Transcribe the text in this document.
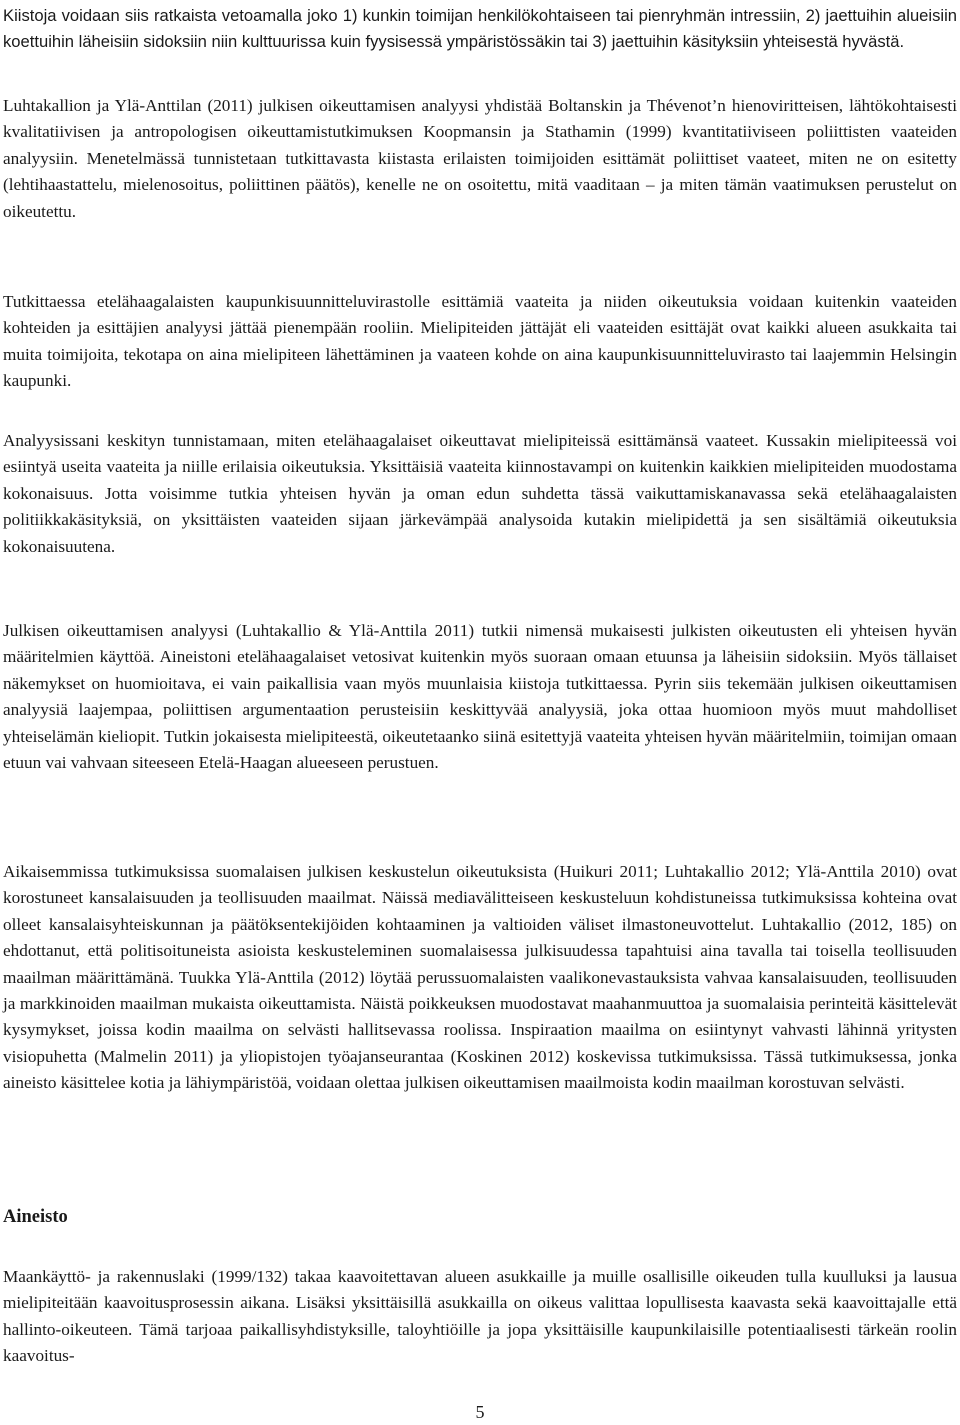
Kiistoja voidaan siis ratkaista vetoamalla joko 1) kunkin toimijan henkilökohtaiseen tai pienryhmän intressiin, 2) jaettuihin alueisiin koettuihin läheisiin sidoksiin niin kulttuurissa kuin fyysisessä ympäristössäkin tai 3) jaettuihin käsityksiin yhteisestä hyvästä.

Luhtakallion ja Ylä-Anttilan (2011) julkisen oikeuttamisen analyysi yhdistää Boltanskin ja Thévenot’n hienoviritteisen, lähtökohtaisesti kvalitatiivisen ja antropologisen oikeuttamistutkimuksen Koopmansin ja Stathamin (1999) kvantitatiiviseen poliittisten vaateiden analyysiin. Menetelmässä tunnistetaan tutkittavasta kiistasta erilaisten toimijoiden esittämät poliittiset vaateet, miten ne on esitetty (lehtihaastattelu, mielenosoitus, poliittinen päätös), kenelle ne on osoitettu, mitä vaaditaan – ja miten tämän vaatimuksen perustelut on oikeutettu.

Tutkittaessa etelähaagalaisten kaupunkisuunnitteluvirastolle esittämiä vaateita ja niiden oikeutuksia voidaan kuitenkin vaateiden kohteiden ja esittäjien analyysi jättää pienempään rooliin. Mielipiteiden jättäjät eli vaateiden esittäjät ovat kaikki alueen asukkaita tai muita toimijoita, tekotapa on aina mielipiteen lähettäminen ja vaateen kohde on aina kaupunkisuunnitteluvirasto tai laajemmin Helsingin kaupunki.

Analyysissani keskityn tunnistamaan, miten etelähaagalaiset oikeuttavat mielipiteissä esittämänsä vaateet. Kussakin mielipiteessä voi esiintyä useita vaateita ja niille erilaisia oikeutuksia. Yksittäisiä vaateita kiinnostavampi on kuitenkin kaikkien mielipiteiden muodostama kokonaisuus. Jotta voisimme tutkia yhteisen hyvän ja oman edun suhdetta tässä vaikuttamiskanavassa sekä etelähaagalaisten politiikkakäsityksiä, on yksittäisten vaateiden sijaan järkevämpää analysoida kutakin mielipidettä ja sen sisältämiä oikeutuksia kokonaisuutena.

Julkisen oikeuttamisen analyysi (Luhtakallio & Ylä-Anttila 2011) tutkii nimensä mukaisesti julkisten oikeutusten eli yhteisen hyvän määritelmien käyttöä. Aineistoni etelähaagalaiset vetosivat kuitenkin myös suoraan omaan etuunsa ja läheisiin sidoksiin. Myös tällaiset näkemykset on huomioitava, ei vain paikallisia vaan myös muunlaisia kiistoja tutkittaessa. Pyrin siis tekemään julkisen oikeuttamisen analyysiä laajempaa, poliittisen argumentaation perusteisiin keskittyvää analyysiä, joka ottaa huomioon myös muut mahdolliset yhteiselämän kieliopit. Tutkin jokaisesta mielipiteestä, oikeutetaanko siinä esitettyjä vaateita yhteisen hyvän määritelmiin, toimijan omaan etuun vai vahvaan siteeseen Etelä-Haagan alueeseen perustuen.

Aikaisemmissa tutkimuksissa suomalaisen julkisen keskustelun oikeutuksista (Huikuri 2011; Luhtakallio 2012; Ylä-Anttila 2010) ovat korostuneet kansalaisuuden ja teollisuuden maailmat. Näissä mediavälitteiseen keskusteluun kohdistuneissa tutkimuksissa kohteina ovat olleet kansalaisyhteiskunnan ja päätöksentekijöiden kohtaaminen ja valtioiden väliset ilmastoneuvottelut. Luhtakallio (2012, 185) on ehdottanut, että politisoituneista asioista keskusteleminen suomalaisessa julkisuudessa tapahtuisi aina tavalla tai toisella teollisuuden maailman määrittämänä. Tuukka Ylä-Anttila (2012) löytää perussuomalaisten vaalikonevastauksista vahvaa kansalaisuuden, teollisuuden ja markkinoiden maailman mukaista oikeuttamista. Näistä poikkeuksen muodostavat maahanmuuttoa ja suomalaisia perinteitä käsittelevät kysymykset, joissa kodin maailma on selvästi hallitsevassa roolissa. Inspiraation maailma on esiintynyt vahvasti lähinnä yritysten visiopuhetta (Malmelin 2011) ja yliopistojen työajanseurantaa (Koskinen 2012) koskevissa tutkimuksissa. Tässä tutkimuksessa, jonka aineisto käsittelee kotia ja lähiympäristöä, voidaan olettaa julkisen oikeuttamisen maailmoista kodin maailman korostuvan selvästi.

Aineisto

Maankäyttö- ja rakennuslaki (1999/132) takaa kaavoitettavan alueen asukkaille ja muille osallisille oikeuden tulla kuulluksi ja lausua mielipiteitään kaavoitusprosessin aikana. Lisäksi yksittäisillä asukkailla on oikeus valittaa lopullisesta kaavasta sekä kaavoittajalle että hallinto-oikeuteen. Tämä tarjoaa paikallisyhdistyksille, taloyhtiöille ja jopa yksittäisille kaupunkilaisille potentiaalisesti tärkeän roolin kaavoitus-

5
